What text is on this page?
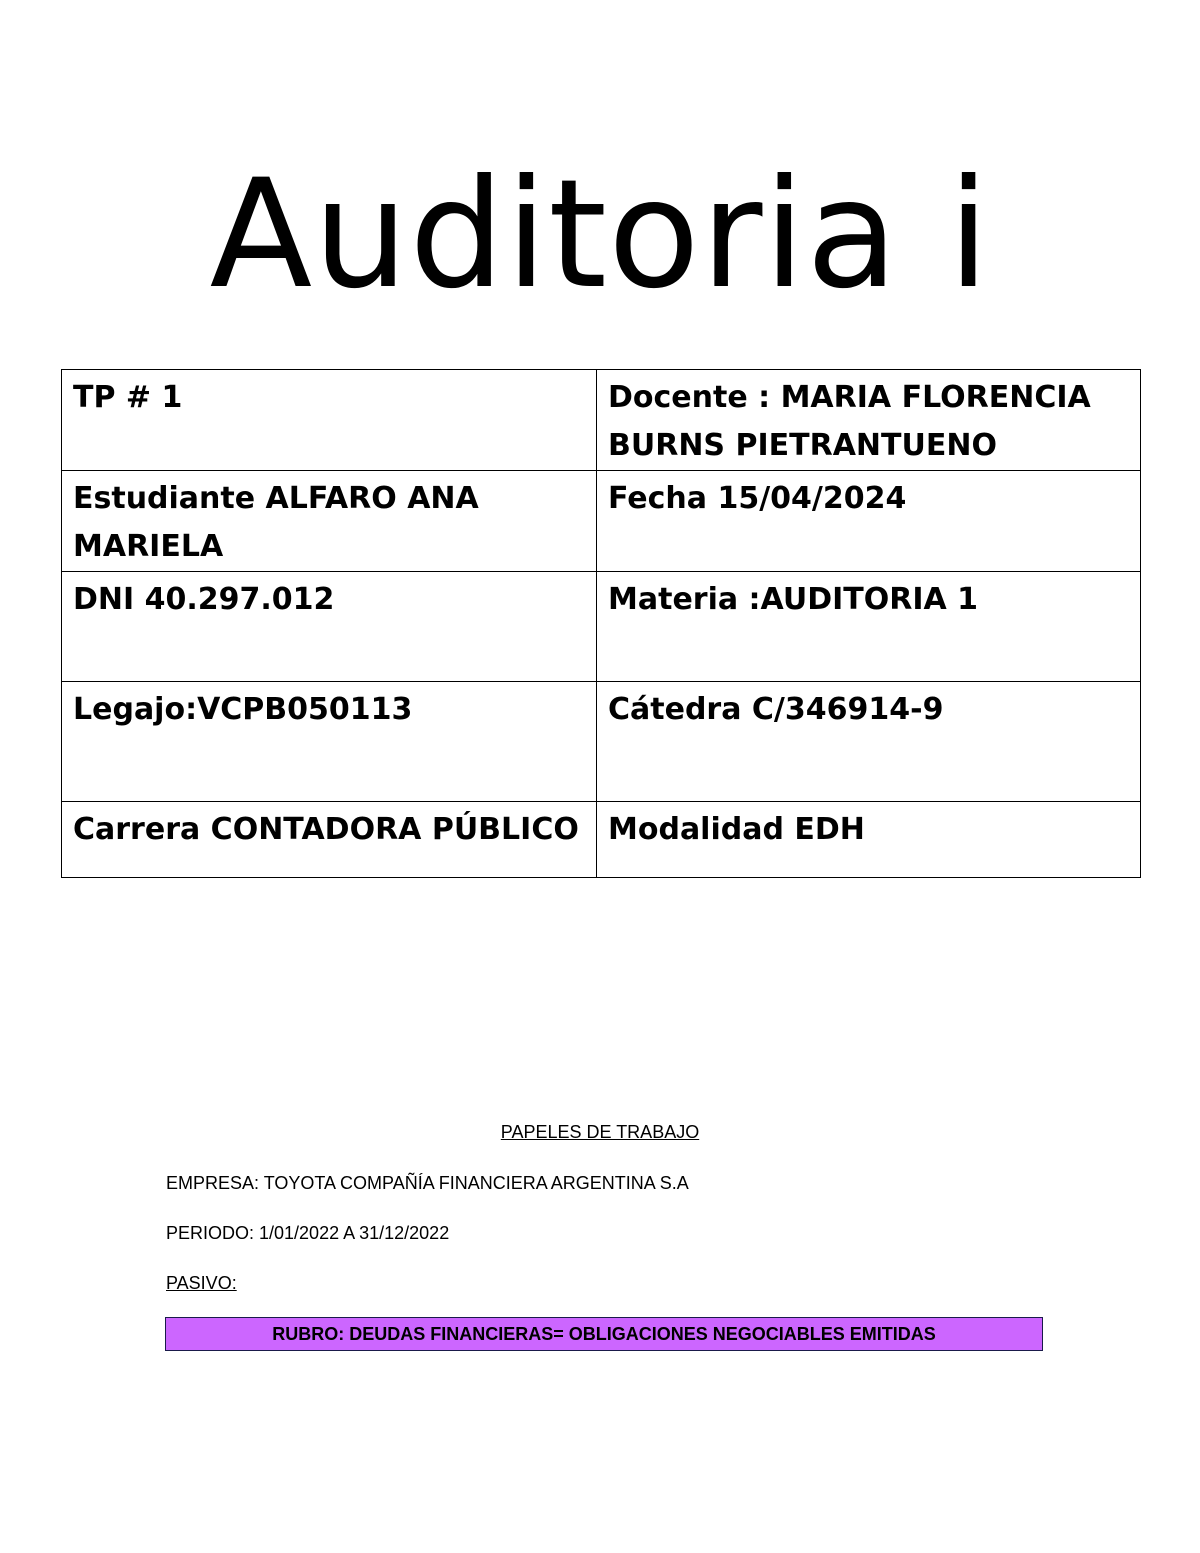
Auditoria i
TP # 1	Docente : MARIA FLORENCIA BURNS PIETRANTUENO
Estudiante ALFARO ANA MARIELA	Fecha 15/04/2024
DNI 40.297.012	Materia :AUDITORIA 1
Legajo:VCPB050113	Cátedra C/346914-9
Carrera CONTADORA PÚBLICO	Modalidad EDH
PAPELES DE TRABAJO
EMPRESA: TOYOTA COMPAÑÍA FINANCIERA ARGENTINA S.A
PERIODO: 1/01/2022 A 31/12/2022
PASIVO:
RUBRO: DEUDAS FINANCIERAS= OBLIGACIONES NEGOCIABLES EMITIDAS
